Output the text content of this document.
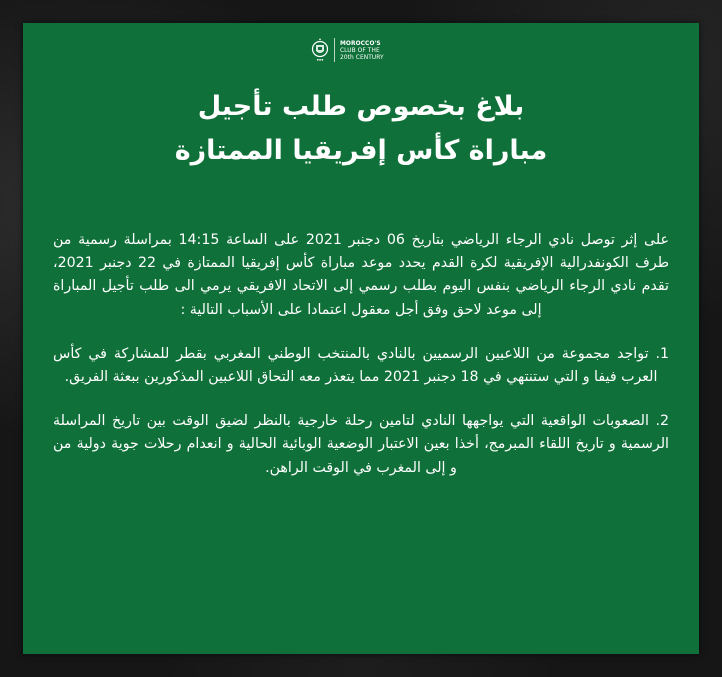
MOROCCO'S
CLUB OF THE
20th CENTURY
بلاغ بخصوص طلب تأجيل
مباراة كأس إفريقيا الممتازة

على إثر توصل نادي الرجاء الرياضي بتاريخ 06 دجنبر 2021 على الساعة 14:15 بمراسلة رسمية من طرف الكونفدرالية الإفريقية لكرة القدم يحدد موعد مباراة كأس إفريقيا الممتازة في 22 دجنبر 2021، تقدم نادي الرجاء الرياضي بنفس اليوم بطلب رسمي إلى الاتحاد الافريقي يرمي الى طلب تأجيل المباراة إلى موعد لاحق وفق أجل معقول اعتمادا على الأسباب التالية :

1. تواجد مجموعة من اللاعبين الرسميين بالنادي بالمنتخب الوطني المغربي بقطر للمشاركة في كأس العرب فيفا و التي ستنتهي في 18 دجنبر 2021 مما يتعذر معه التحاق اللاعبين المذكورين ببعثة الفريق.

2. الصعوبات الواقعية التي يواجهها النادي لتامين رحلة خارجية بالنظر لضيق الوقت بين تاريخ المراسلة الرسمية و تاريخ اللقاء المبرمج، أخذا بعين الاعتبار الوضعية الوبائية الحالية و انعدام رحلات جوية دولية من و إلى المغرب في الوقت الراهن.
